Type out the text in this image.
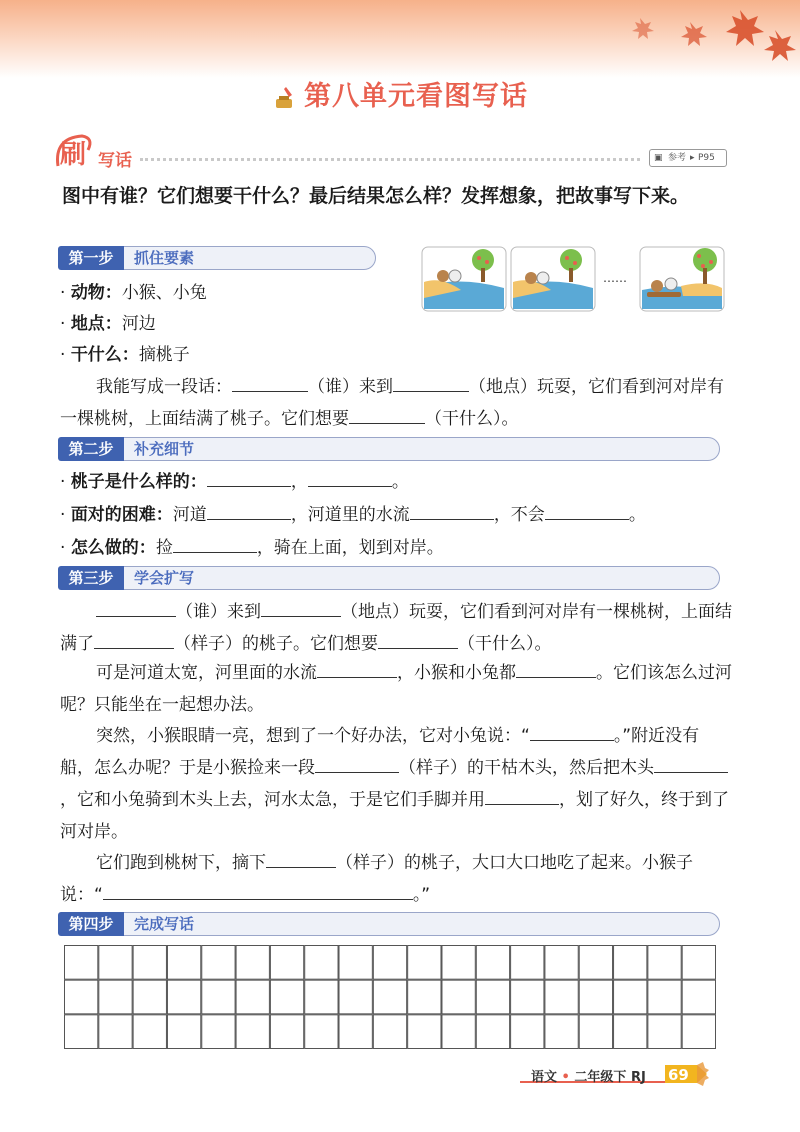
第八单元看图写话
刷 写话	▣ 参考 ▸ P95
图中有谁？它们想要干什么？最后结果怎么样？发挥想象，把故事写下来。
第一步	抓住要素
……
· 动物：小猴、小兔
· 地点：河边
· 干什么：摘桃子
我能写成一段话：	（谁）来到	（地点）玩耍，它们看到河对岸有一棵桃树，上面结满了桃子。它们想要	（干什么）。
第二步	补充细节
· 桃子是什么样的：	，	。
· 面对的困难：河道	，河道里的水流	，不会	。
· 怎么做的：捡	，骑在上面，划到对岸。
第三步	学会扩写
（谁）来到	（地点）玩耍，它们看到河对岸有一棵桃树，上面结满了	（样子）的桃子。它们想要	（干什么）。
可是河道太宽，河里面的水流	，小猴和小兔都	。它们该怎么过河呢？只能坐在一起想办法。
突然，小猴眼睛一亮，想到了一个好办法，它对小兔说：“	。”附近没有船，怎么办呢？于是小猴捡来一段	（样子）的干枯木头，然后把木头，它和小兔骑到木头上去，河水太急，于是它们手脚并用	，划了好久，终于到了河对岸。
它们跑到桃树下，摘下	（样子）的桃子，大口大口地吃了起来。小猴子说：“	。”
第四步	完成写话
语文 • 二年级下 RJ 69
